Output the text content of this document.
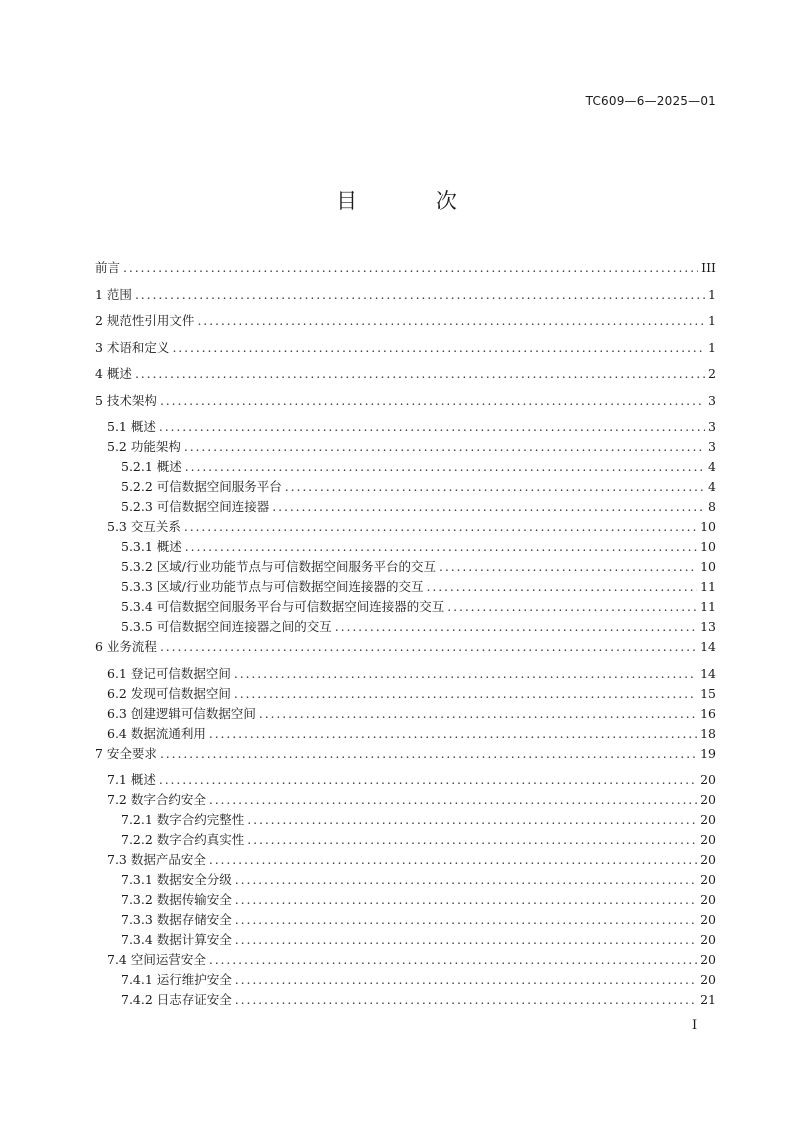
TC609—6—2025—01
目 次
前言 . . .	III
1 范围 . . .	1
2 规范性引用文件 . . .	1
3 术语和定义 . . .	1
4 概述 . . .	2
5 技术架构 . . .	3
5.1 概述 . . .	3
5.2 功能架构 . . .	3
5.2.1 概述 . . .	4
5.2.2 可信数据空间服务平台 . . .	4
5.2.3 可信数据空间连接器 . . .	8
5.3 交互关系 . . .	10
5.3.1 概述 . . .	10
5.3.2 区域/行业功能节点与可信数据空间服务平台的交互 . . .	10
5.3.3 区域/行业功能节点与可信数据空间连接器的交互 . . .	11
5.3.4 可信数据空间服务平台与可信数据空间连接器的交互 . . .	11
5.3.5 可信数据空间连接器之间的交互 . . .	13
6 业务流程 . . .	14
6.1 登记可信数据空间 . . .	14
6.2 发现可信数据空间 . . .	15
6.3 创建逻辑可信数据空间 . . .	16
6.4 数据流通利用 . . .	18
7 安全要求 . . .	19
7.1 概述 . . .	20
7.2 数字合约安全 . . .	20
7.2.1 数字合约完整性 . . .	20
7.2.2 数字合约真实性 . . .	20
7.3 数据产品安全 . . .	20
7.3.1 数据安全分级 . . .	20
7.3.2 数据传输安全 . . .	20
7.3.3 数据存储安全 . . .	20
7.3.4 数据计算安全 . . .	20
7.4 空间运营安全 . . .	20
7.4.1 运行维护安全 . . .	20
7.4.2 日志存证安全 . . .	21
I
